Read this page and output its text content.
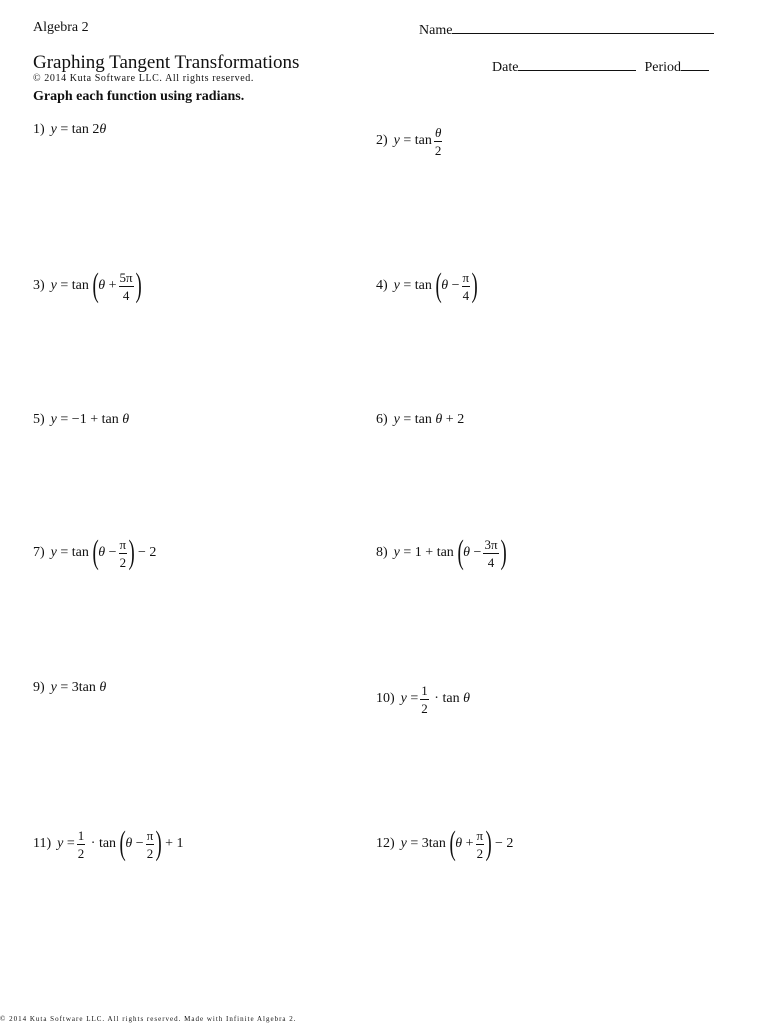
Algebra 2	Name
Graphing Tangent Transformations
© 2014 Kuta Software LLC. All rights reserved.
Date	Period
Graph each function using radians.
1) y
=
tan
2 θ
2) y
=
$\tan \frac{\theta}{2}$
3) y
=
tan ( θ
+ $\frac{5\pi}{4}$ )	4) y
=
tan ( θ
− $\frac{\pi}{4}$ )
5) y
=
−1
+
tan
θ	6) y
=
tan
θ
+
2
7) y
=
tan ( θ
− $\frac{\pi}{2}$ )
−
2	8) y
=
1
+
tan ( θ
− $\frac{3\pi}{4}$ )
9) y
=
3tan
θ
10) y
= $\frac{1}{2}$
·
tan
θ
11) y
= $\frac{1}{2}$
·
tan ( θ
− $\frac{\pi}{2}$ )
+
1	12) y
=
3tan ( θ
+ $\frac{\pi}{2}$ )
−
2
© 2014 Kuta Software LLC. All rights reserved. Made with Infinite Algebra 2.
